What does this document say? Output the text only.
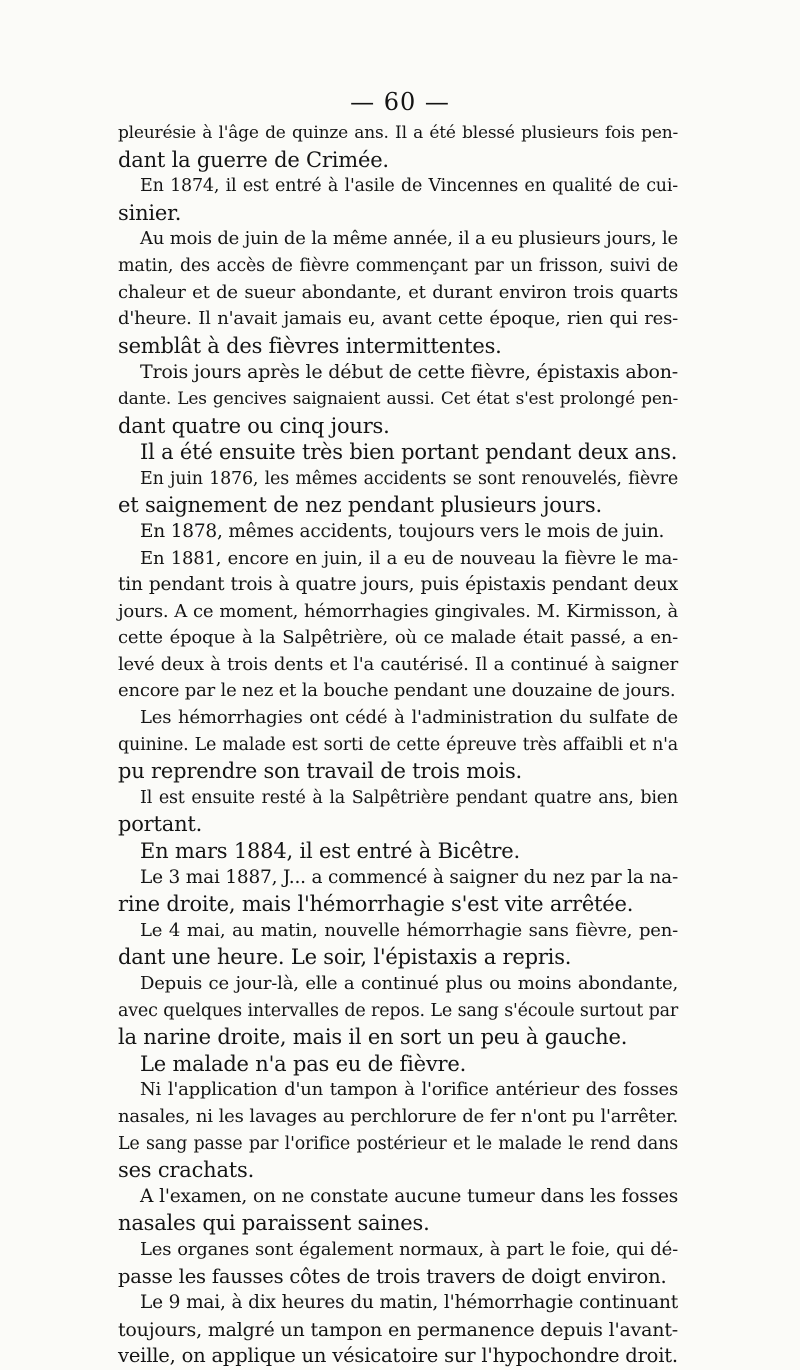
— 60 —
pleurésie à l'âge de quinze ans. Il a été blessé plusieurs fois pen-
dant la guerre de Crimée.
En 1874, il est entré à l'asile de Vincennes en qualité de cui-
sinier.
Au mois de juin de la même année, il a eu plusieurs jours, le
matin, des accès de fièvre commençant par un frisson, suivi de
chaleur et de sueur abondante, et durant environ trois quarts
d'heure. Il n'avait jamais eu, avant cette époque, rien qui res-
semblât à des fièvres intermittentes.
Trois jours après le début de cette fièvre, épistaxis abon-
dante. Les gencives saignaient aussi. Cet état s'est prolongé pen-
dant quatre ou cinq jours.
Il a été ensuite très bien portant pendant deux ans.
En juin 1876, les mêmes accidents se sont renouvelés, fièvre
et saignement de nez pendant plusieurs jours.
En 1878, mêmes accidents, toujours vers le mois de juin.
En 1881, encore en juin, il a eu de nouveau la fièvre le ma-
tin pendant trois à quatre jours, puis épistaxis pendant deux
jours. A ce moment, hémorrhagies gingivales. M. Kirmisson, à
cette époque à la Salpêtrière, où ce malade était passé, a en-
levé deux à trois dents et l'a cautérisé. Il a continué à saigner
encore par le nez et la bouche pendant une douzaine de jours.
Les hémorrhagies ont cédé à l'administration du sulfate de
quinine. Le malade est sorti de cette épreuve très affaibli et n'a
pu reprendre son travail de trois mois.
Il est ensuite resté à la Salpêtrière pendant quatre ans, bien
portant.
En mars 1884, il est entré à Bicêtre.
Le 3 mai 1887, J... a commencé à saigner du nez par la na-
rine droite, mais l'hémorrhagie s'est vite arrêtée.
Le 4 mai, au matin, nouvelle hémorrhagie sans fièvre, pen-
dant une heure. Le soir, l'épistaxis a repris.
Depuis ce jour-là, elle a continué plus ou moins abondante,
avec quelques intervalles de repos. Le sang s'écoule surtout par
la narine droite, mais il en sort un peu à gauche.
Le malade n'a pas eu de fièvre.
Ni l'application d'un tampon à l'orifice antérieur des fosses
nasales, ni les lavages au perchlorure de fer n'ont pu l'arrêter.
Le sang passe par l'orifice postérieur et le malade le rend dans
ses crachats.
A l'examen, on ne constate aucune tumeur dans les fosses
nasales qui paraissent saines.
Les organes sont également normaux, à part le foie, qui dé-
passe les fausses côtes de trois travers de doigt environ.
Le 9 mai, à dix heures du matin, l'hémorrhagie continuant
toujours, malgré un tampon en permanence depuis l'avant-
veille, on applique un vésicatoire sur l'hypochondre droit.
